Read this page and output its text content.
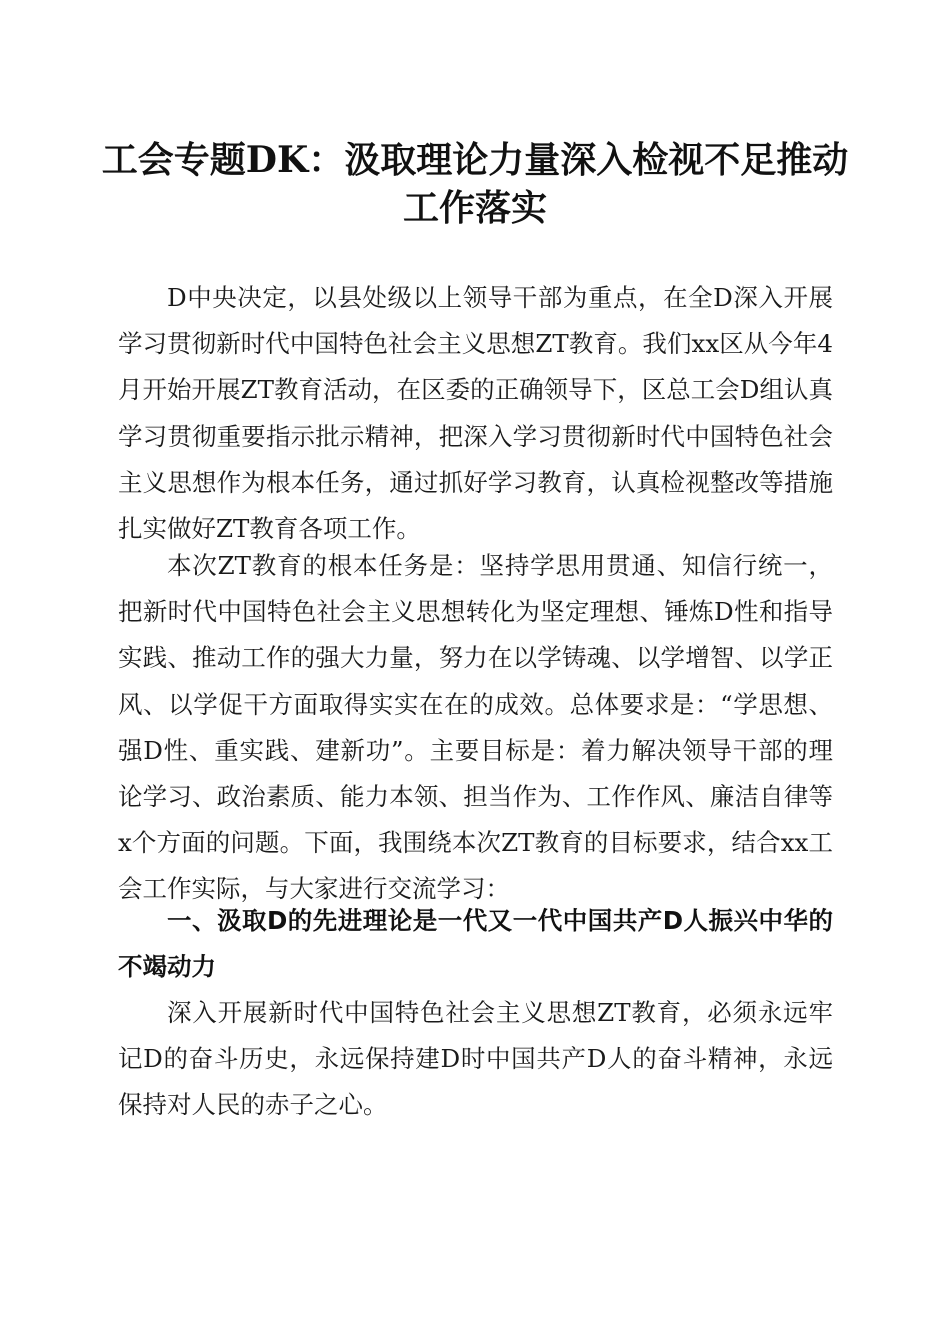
工会专题DK：汲取理论力量深入检视不足推动工作落实

D中央决定，以县处级以上领导干部为重点，在全D深入开展学习贯彻新时代中国特色社会主义思想ZT教育。我们xx区从今年4月开始开展ZT教育活动，在区委的正确领导下，区总工会D组认真学习贯彻重要指示批示精神，把深入学习贯彻新时代中国特色社会主义思想作为根本任务，通过抓好学习教育，认真检视整改等措施扎实做好ZT教育各项工作。

本次ZT教育的根本任务是：坚持学思用贯通、知信行统一，把新时代中国特色社会主义思想转化为坚定理想、锤炼D性和指导实践、推动工作的强大力量，努力在以学铸魂、以学增智、以学正风、以学促干方面取得实实在在的成效。总体要求是：“学思想、强D性、重实践、建新功”。主要目标是：着力解决领导干部的理论学习、政治素质、能力本领、担当作为、工作作风、廉洁自律等x个方面的问题。下面，我围绕本次ZT教育的目标要求，结合xx工会工作实际，与大家进行交流学习：

一、汲取D的先进理论是一代又一代中国共产D人振兴中华的不竭动力

深入开展新时代中国特色社会主义思想ZT教育，必须永远牢记D的奋斗历史，永远保持建D时中国共产D人的奋斗精神，永远保持对人民的赤子之心。
